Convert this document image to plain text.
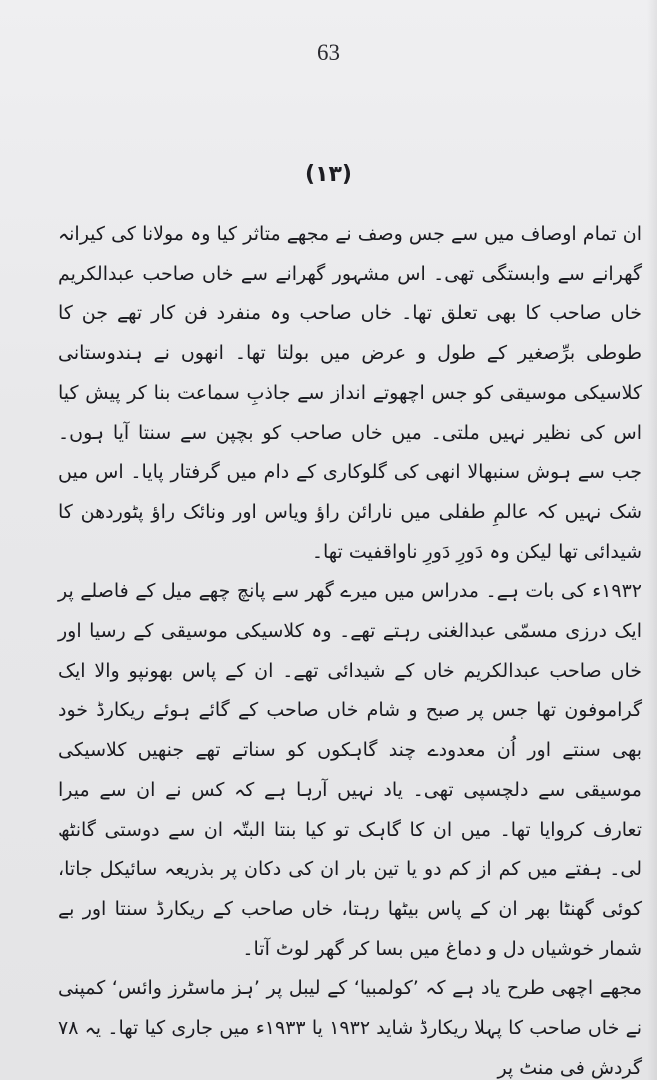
63
(۱۳)

ان تمام اوصاف میں سے جس وصف نے مجھے متاثر کیا وہ مولانا کی کیرانہ گھرانے سے وابستگی تھی۔ اس مشہور گھرانے سے خاں صاحب عبدالکریم خاں صاحب کا بھی تعلق تھا۔ خاں صاحب وہ منفرد فن کار تھے جن کا طوطی برِّصغیر کے طول و عرض میں بولتا تھا۔ انھوں نے ہندوستانی کلاسیکی موسیقی کو جس اچھوتے انداز سے جاذبِ سماعت بنا کر پیش کیا اس کی نظیر نہیں ملتی۔ میں خاں صاحب کو بچپن سے سنتا آیا ہوں۔ جب سے ہوش سنبھالا انھی کی گلوکاری کے دام میں گرفتار پایا۔ اس میں شک نہیں کہ عالمِ طفلی میں نارائن راؤ ویاس اور ونائک راؤ پٹوردھن کا شیدائی تھا لیکن وہ دَورِ دَورِ ناواقفیت تھا۔

۱۹۳۲ء کی بات ہے۔ مدراس میں میرے گھر سے پانچ چھے میل کے فاصلے پر ایک درزی مسمّی عبدالغنی رہتے تھے۔ وہ کلاسیکی موسیقی کے رسیا اور خاں صاحب عبدالکریم خاں کے شیدائی تھے۔ ان کے پاس بھونپو والا ایک گراموفون تھا جس پر صبح و شام خاں صاحب کے گائے ہوئے ریکارڈ خود بھی سنتے اور اُن معدودے چند گاہکوں کو سناتے تھے جنھیں کلاسیکی موسیقی سے دلچسپی تھی۔ یاد نہیں آرہا ہے کہ کس نے ان سے میرا تعارف کروایا تھا۔ میں ان کا گاہک تو کیا بنتا البتّہ ان سے دوستی گانٹھ لی۔ ہفتے میں کم از کم دو یا تین بار ان کی دکان پر بذریعہ سائیکل جاتا، کوئی گھنٹا بھر ان کے پاس بیٹھا رہتا، خاں صاحب کے ریکارڈ سنتا اور بے شمار خوشیاں دل و دماغ میں بسا کر گھر لوٹ آتا۔

مجھے اچھی طرح یاد ہے کہ ’کولمبیا‘ کے لیبل پر ’ہز ماسٹرز وائس‘ کمپنی نے خاں صاحب کا پہلا ریکارڈ شاید ۱۹۳۲ یا ۱۹۳۳ء میں جاری کیا تھا۔ یہ ۷۸ گردش فی منٹ پر
